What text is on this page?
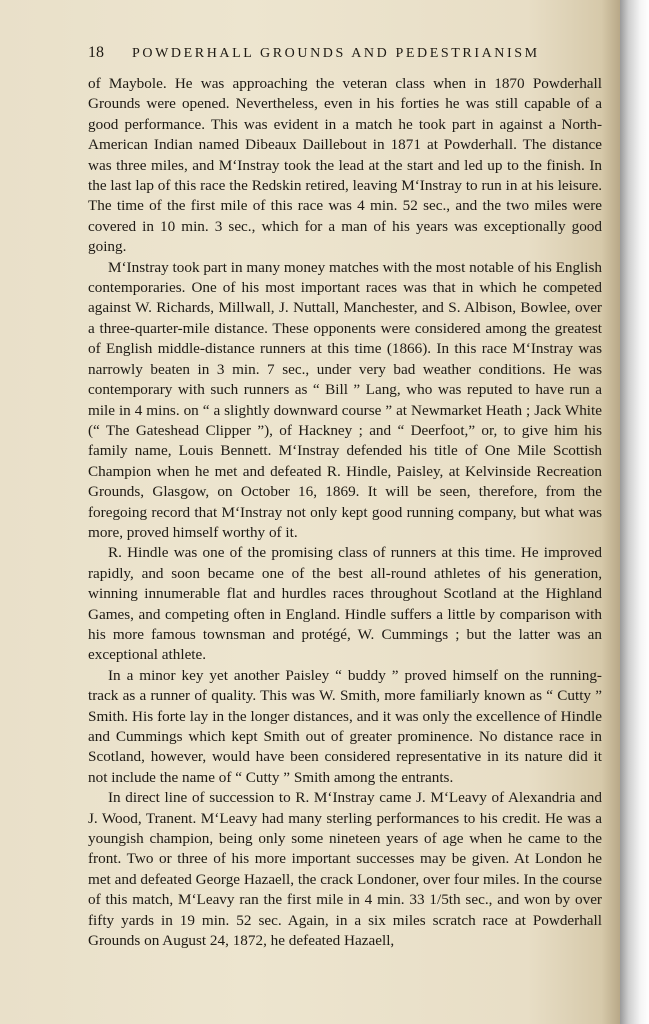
18	POWDERHALL GROUNDS AND PEDESTRIANISM

of Maybole. He was approaching the veteran class when in 1870 Powderhall Grounds were opened. Nevertheless, even in his forties he was still capable of a good performance. This was evident in a match he took part in against a North-American Indian named Dibeaux Daillebout in 1871 at Powderhall. The distance was three miles, and M‘Instray took the lead at the start and led up to the finish. In the last lap of this race the Redskin retired, leaving M‘Instray to run in at his leisure. The time of the first mile of this race was 4 min. 52 sec., and the two miles were covered in 10 min. 3 sec., which for a man of his years was exceptionally good going.

M‘Instray took part in many money matches with the most notable of his English contemporaries. One of his most important races was that in which he competed against W. Richards, Millwall, J. Nuttall, Manchester, and S. Albison, Bowlee, over a three-quarter-mile distance. These opponents were considered among the greatest of English middle-distance runners at this time (1866). In this race M‘Instray was narrowly beaten in 3 min. 7 sec., under very bad weather conditions. He was contemporary with such runners as “ Bill ” Lang, who was reputed to have run a mile in 4 mins. on “ a slightly downward course ” at Newmarket Heath ; Jack White (“ The Gateshead Clipper ”), of Hackney ; and “ Deerfoot,” or, to give him his family name, Louis Bennett. M‘Instray defended his title of One Mile Scottish Champion when he met and defeated R. Hindle, Paisley, at Kelvinside Recreation Grounds, Glasgow, on October 16, 1869. It will be seen, therefore, from the foregoing record that M‘Instray not only kept good running company, but what was more, proved himself worthy of it.

R. Hindle was one of the promising class of runners at this time. He improved rapidly, and soon became one of the best all-round athletes of his generation, winning innumerable flat and hurdles races throughout Scotland at the Highland Games, and competing often in England. Hindle suffers a little by comparison with his more famous townsman and protégé, W. Cummings ; but the latter was an exceptional athlete.

In a minor key yet another Paisley “ buddy ” proved himself on the running-track as a runner of quality. This was W. Smith, more familiarly known as “ Cutty ” Smith. His forte lay in the longer distances, and it was only the excellence of Hindle and Cummings which kept Smith out of greater prominence. No distance race in Scotland, however, would have been considered representative in its nature did it not include the name of “ Cutty ” Smith among the entrants.

In direct line of succession to R. M‘Instray came J. M‘Leavy of Alexandria and J. Wood, Tranent. M‘Leavy had many sterling performances to his credit. He was a youngish champion, being only some nineteen years of age when he came to the front. Two or three of his more important successes may be given. At London he met and defeated George Hazaell, the crack Londoner, over four miles. In the course of this match, M‘Leavy ran the first mile in 4 min. 33 1/5th sec., and won by over fifty yards in 19 min. 52 sec. Again, in a six miles scratch race at Powderhall Grounds on August 24, 1872, he defeated Hazaell,
